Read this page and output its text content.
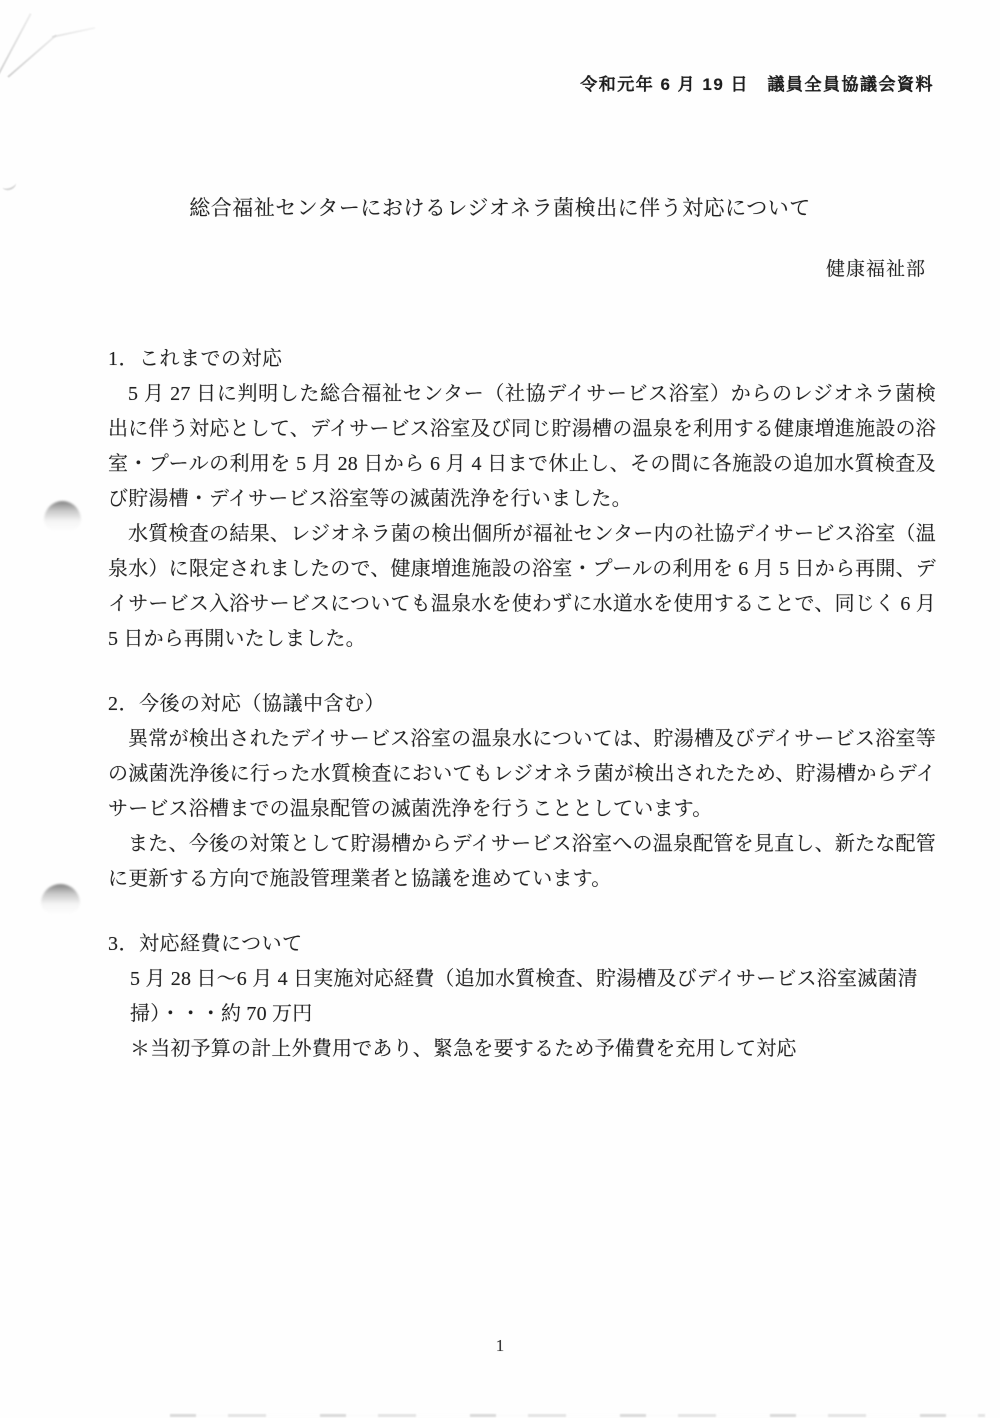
令和元年 6 月 19 日　議員全員協議会資料
総合福祉センターにおけるレジオネラ菌検出に伴う対応について
健康福祉部
1．これまでの対応

5 月 27 日に判明した総合福祉センター（社協デイサービス浴室）からのレジオネラ菌検出に伴う対応として、デイサービス浴室及び同じ貯湯槽の温泉を利用する健康増進施設の浴室・プールの利用を 5 月 28 日から 6 月 4 日まで休止し、その間に各施設の追加水質検査及び貯湯槽・デイサービス浴室等の滅菌洗浄を行いました。

水質検査の結果、レジオネラ菌の検出個所が福祉センター内の社協デイサービス浴室（温泉水）に限定されましたので、健康増進施設の浴室・プールの利用を 6 月 5 日から再開、デイサービス入浴サービスについても温泉水を使わずに水道水を使用することで、同じく 6 月 5 日から再開いたしました。

2．今後の対応（協議中含む）

異常が検出されたデイサービス浴室の温泉水については、貯湯槽及びデイサービス浴室等の滅菌洗浄後に行った水質検査においてもレジオネラ菌が検出されたため、貯湯槽からデイサービス浴槽までの温泉配管の滅菌洗浄を行うこととしています。

また、今後の対策として貯湯槽からデイサービス浴室への温泉配管を見直し、新たな配管に更新する方向で施設管理業者と協議を進めています。

3．対応経費について

5 月 28 日～6 月 4 日実施対応経費（追加水質検査、貯湯槽及びデイサービス浴室滅菌清掃）・・・約 70 万円

＊当初予算の計上外費用であり、緊急を要するため予備費を充用して対応

1
